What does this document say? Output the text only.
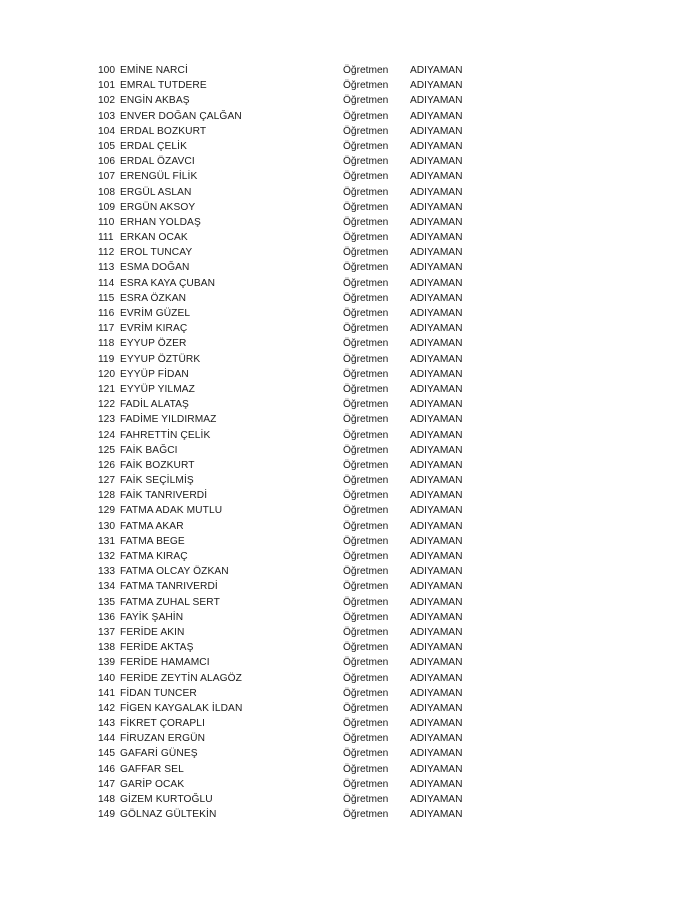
100 EMİNE NARCİ	Öğretmen ADIYAMAN
101 EMRAL TUTDERE	Öğretmen ADIYAMAN
102 ENGİN AKBAŞ	Öğretmen ADIYAMAN
103 ENVER DOĞAN ÇALĞAN	Öğretmen ADIYAMAN
104 ERDAL BOZKURT	Öğretmen ADIYAMAN
105 ERDAL ÇELİK	Öğretmen ADIYAMAN
106 ERDAL ÖZAVCI	Öğretmen ADIYAMAN
107 ERENGÜL FİLİK	Öğretmen ADIYAMAN
108 ERGÜL ASLAN	Öğretmen ADIYAMAN
109 ERGÜN AKSOY	Öğretmen ADIYAMAN
110 ERHAN YOLDAŞ	Öğretmen ADIYAMAN
111 ERKAN OCAK	Öğretmen ADIYAMAN
112 EROL TUNCAY	Öğretmen ADIYAMAN
113 ESMA DOĞAN	Öğretmen ADIYAMAN
114 ESRA KAYA ÇUBAN	Öğretmen ADIYAMAN
115 ESRA ÖZKAN	Öğretmen ADIYAMAN
116 EVRİM GÜZEL	Öğretmen ADIYAMAN
117 EVRİM KIRAÇ	Öğretmen ADIYAMAN
118 EYYUP ÖZER	Öğretmen ADIYAMAN
119 EYYUP ÖZTÜRK	Öğretmen ADIYAMAN
120 EYYÜP FİDAN	Öğretmen ADIYAMAN
121 EYYÜP YILMAZ	Öğretmen ADIYAMAN
122 FADİL ALATAŞ	Öğretmen ADIYAMAN
123 FADİME YILDIRMAZ	Öğretmen ADIYAMAN
124 FAHRETTİN ÇELİK	Öğretmen ADIYAMAN
125 FAİK BAĞCI	Öğretmen ADIYAMAN
126 FAİK BOZKURT	Öğretmen ADIYAMAN
127 FAİK SEÇİLMİŞ	Öğretmen ADIYAMAN
128 FAİK TANRIVERDİ	Öğretmen ADIYAMAN
129 FATMA ADAK MUTLU	Öğretmen ADIYAMAN
130 FATMA AKAR	Öğretmen ADIYAMAN
131 FATMA BEGE	Öğretmen ADIYAMAN
132 FATMA KIRAÇ	Öğretmen ADIYAMAN
133 FATMA OLCAY ÖZKAN	Öğretmen ADIYAMAN
134 FATMA TANRIVERDİ	Öğretmen ADIYAMAN
135 FATMA ZUHAL SERT	Öğretmen ADIYAMAN
136 FAYİK ŞAHİN	Öğretmen ADIYAMAN
137 FERİDE AKIN	Öğretmen ADIYAMAN
138 FERİDE AKTAŞ	Öğretmen ADIYAMAN
139 FERİDE HAMAMCI	Öğretmen ADIYAMAN
140 FERİDE ZEYTİN ALAGÖZ	Öğretmen ADIYAMAN
141 FİDAN TUNCER	Öğretmen ADIYAMAN
142 FİGEN KAYGALAK İLDAN	Öğretmen ADIYAMAN
143 FİKRET ÇORAPLI	Öğretmen ADIYAMAN
144 FİRUZAN ERGÜN	Öğretmen ADIYAMAN
145 GAFARİ GÜNEŞ	Öğretmen ADIYAMAN
146 GAFFAR SEL	Öğretmen ADIYAMAN
147 GARİP OCAK	Öğretmen ADIYAMAN
148 GİZEM KURTOĞLU	Öğretmen ADIYAMAN
149 GÖLNAZ GÜLTEKİN	Öğretmen ADIYAMAN
